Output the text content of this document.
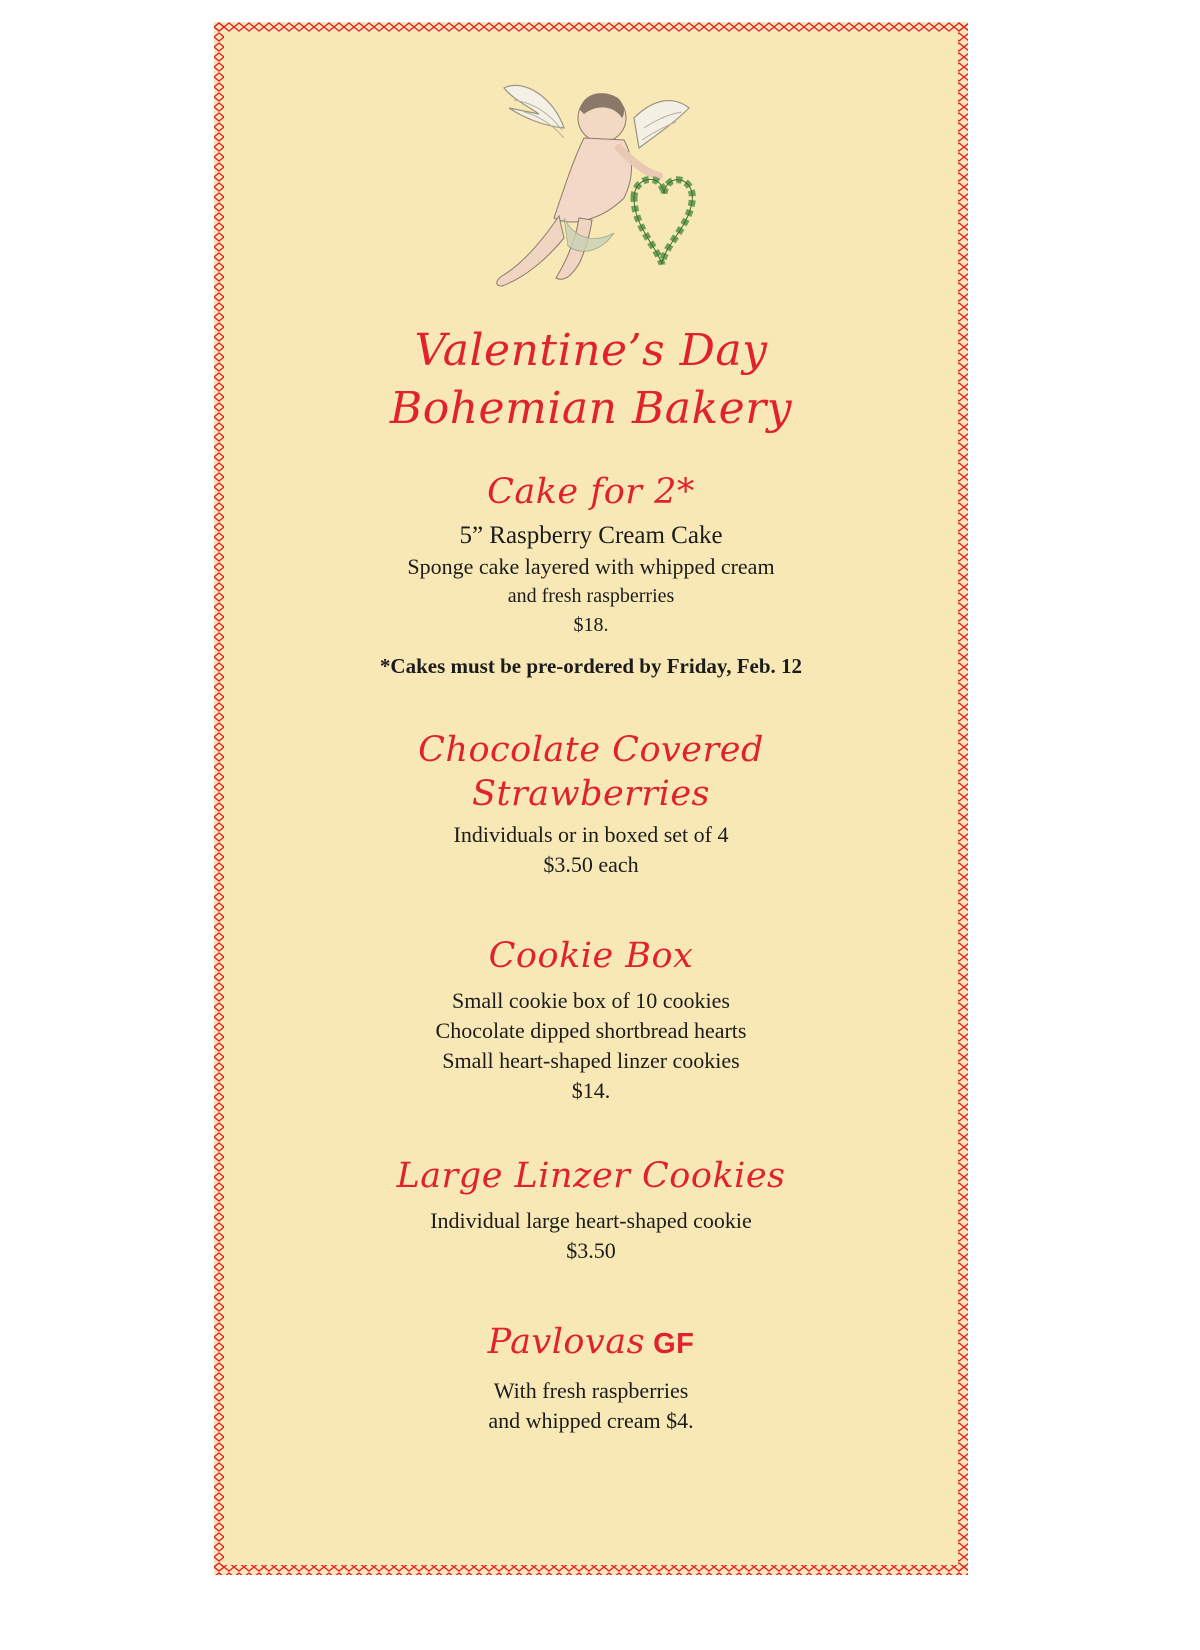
Valentine’s Day
Bohemian Bakery
Cake for 2*
5” Raspberry Cream Cake
Sponge cake layered with whipped cream
and fresh raspberries
$18.
*Cakes must be pre-ordered by Friday, Feb. 12
Chocolate Covered
Strawberries
Individuals or in boxed set of 4
$3.50 each
Cookie Box
Small cookie box of 10 cookies
Chocolate dipped shortbread hearts
Small heart-shaped linzer cookies
$14.
Large Linzer Cookies
Individual large heart-shaped cookie
$3.50
Pavlovas GF
With fresh raspberries
and whipped cream $4.
